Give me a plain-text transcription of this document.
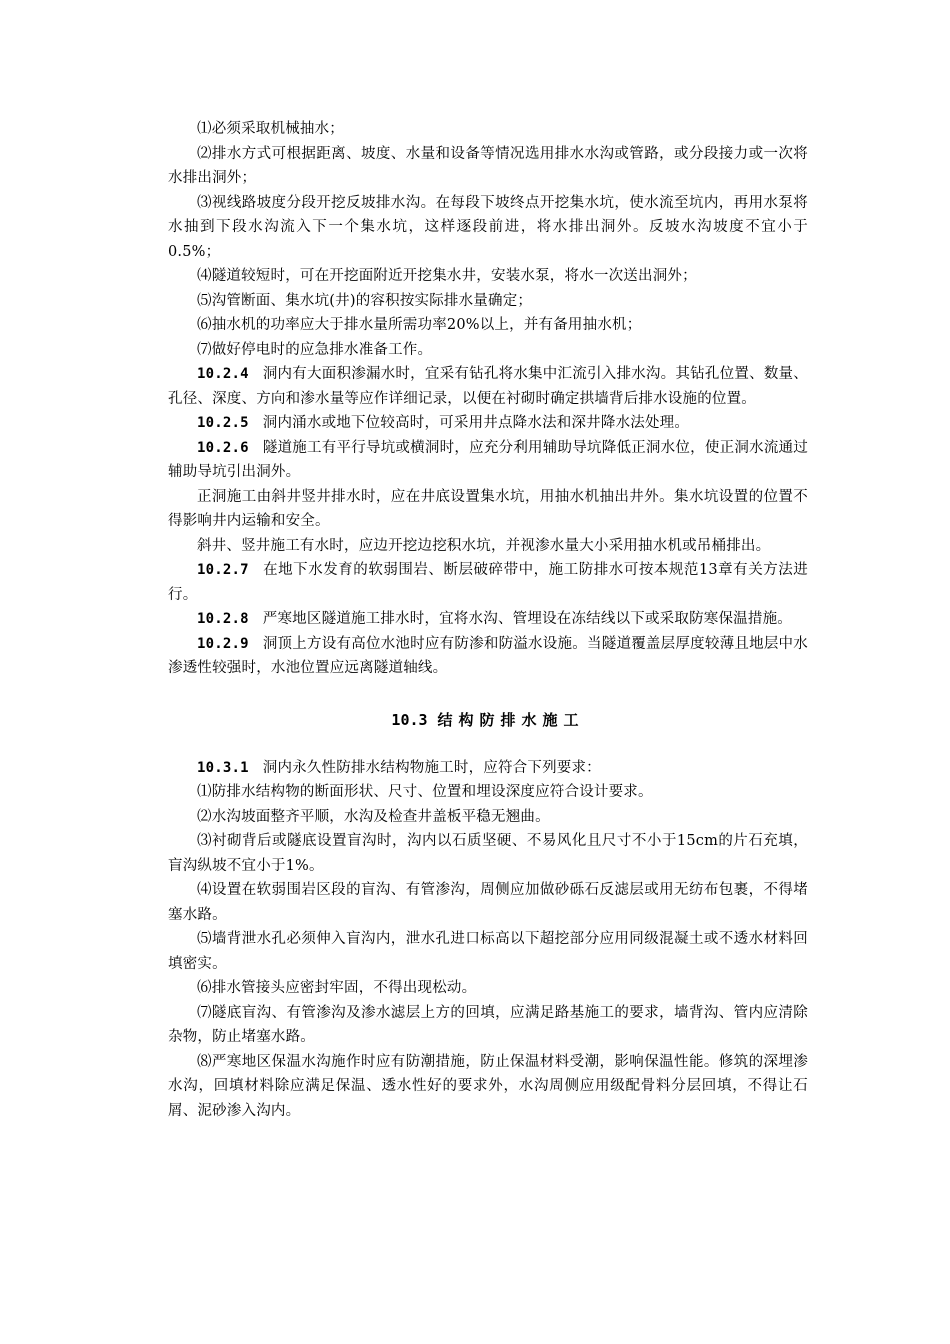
⑴必须采取机械抽水；

⑵排水方式可根据距离、坡度、水量和设备等情况选用排水水沟或管路，或分段接力或一次将水排出洞外；

⑶视线路坡度分段开挖反坡排水沟。在每段下坡终点开挖集水坑，使水流至坑内，再用水泵将水抽到下段水沟流入下一个集水坑，这样逐段前进，将水排出洞外。反坡水沟坡度不宜小于0.5%；

⑷隧道较短时，可在开挖面附近开挖集水井，安装水泵，将水一次送出洞外；

⑸沟管断面、集水坑(井)的容积按实际排水量确定；

⑹抽水机的功率应大于排水量所需功率20%以上，并有备用抽水机；

⑺做好停电时的应急排水准备工作。

10.2.4 洞内有大面积渗漏水时，宜采有钻孔将水集中汇流引入排水沟。其钻孔位置、数量、孔径、深度、方向和渗水量等应作详细记录，以便在衬砌时确定拱墙背后排水设施的位置。

10.2.5 洞内涌水或地下位较高时，可采用井点降水法和深井降水法处理。

10.2.6 隧道施工有平行导坑或横洞时，应充分利用辅助导坑降低正洞水位，使正洞水流通过辅助导坑引出洞外。

正洞施工由斜井竖井排水时，应在井底设置集水坑，用抽水机抽出井外。集水坑设置的位置不得影响井内运输和安全。

斜井、竖井施工有水时，应边开挖边挖积水坑，并视渗水量大小采用抽水机或吊桶排出。

10.2.7 在地下水发育的软弱围岩、断层破碎带中，施工防排水可按本规范13章有关方法进行。

10.2.8 严寒地区隧道施工排水时，宜将水沟、管埋设在冻结线以下或采取防寒保温措施。

10.2.9 洞顶上方设有高位水池时应有防渗和防溢水设施。当隧道覆盖层厚度较薄且地层中水渗透性较强时，水池位置应远离隧道轴线。

10.3 结构防排水施工

10.3.1 洞内永久性防排水结构物施工时，应符合下列要求：

⑴防排水结构物的断面形状、尺寸、位置和埋设深度应符合设计要求。

⑵水沟坡面整齐平顺，水沟及检查井盖板平稳无翘曲。

⑶衬砌背后或隧底设置盲沟时，沟内以石质坚硬、不易风化且尺寸不小于15cm的片石充填，盲沟纵坡不宜小于1%。

⑷设置在软弱围岩区段的盲沟、有管渗沟，周侧应加做砂砾石反滤层或用无纺布包裹，不得堵塞水路。

⑸墙背泄水孔必须伸入盲沟内，泄水孔进口标高以下超挖部分应用同级混凝土或不透水材料回填密实。

⑹排水管接头应密封牢固，不得出现松动。

⑺隧底盲沟、有管渗沟及渗水滤层上方的回填，应满足路基施工的要求，墙背沟、管内应清除杂物，防止堵塞水路。

⑻严寒地区保温水沟施作时应有防潮措施，防止保温材料受潮，影响保温性能。修筑的深埋渗水沟，回填材料除应满足保温、透水性好的要求外，水沟周侧应用级配骨料分层回填，不得让石屑、泥砂渗入沟内。
